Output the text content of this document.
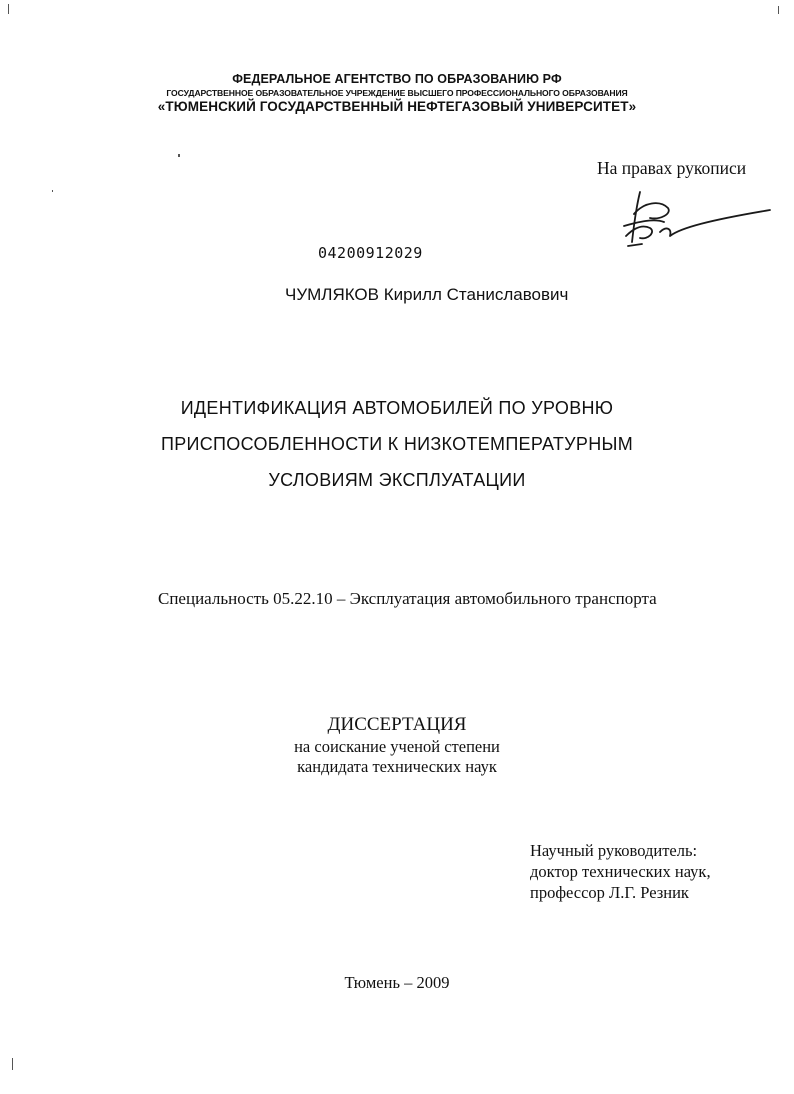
ФЕДЕРАЛЬНОЕ АГЕНТСТВО ПО ОБРАЗОВАНИЮ РФ
ГОСУДАРСТВЕННОЕ ОБРАЗОВАТЕЛЬНОЕ УЧРЕЖДЕНИЕ ВЫСШЕГО ПРОФЕССИОНАЛЬНОГО ОБРАЗОВАНИЯ
«ТЮМЕНСКИЙ ГОСУДАРСТВЕННЫЙ НЕФТЕГАЗОВЫЙ УНИВЕРСИТЕТ»
На правах рукописи
04200912029
ЧУМЛЯКОВ Кирилл Станиславович
ИДЕНТИФИКАЦИЯ АВТОМОБИЛЕЙ ПО УРОВНЮ
ПРИСПОСОБЛЕННОСТИ К НИЗКОТЕМПЕРАТУРНЫМ
УСЛОВИЯМ ЭКСПЛУАТАЦИИ
Специальность 05.22.10 – Эксплуатация автомобильного транспорта
ДИССЕРТАЦИЯ
на соискание ученой степени
кандидата технических наук
Научный руководитель:
доктор технических наук,
профессор Л.Г. Резник
Тюмень – 2009
